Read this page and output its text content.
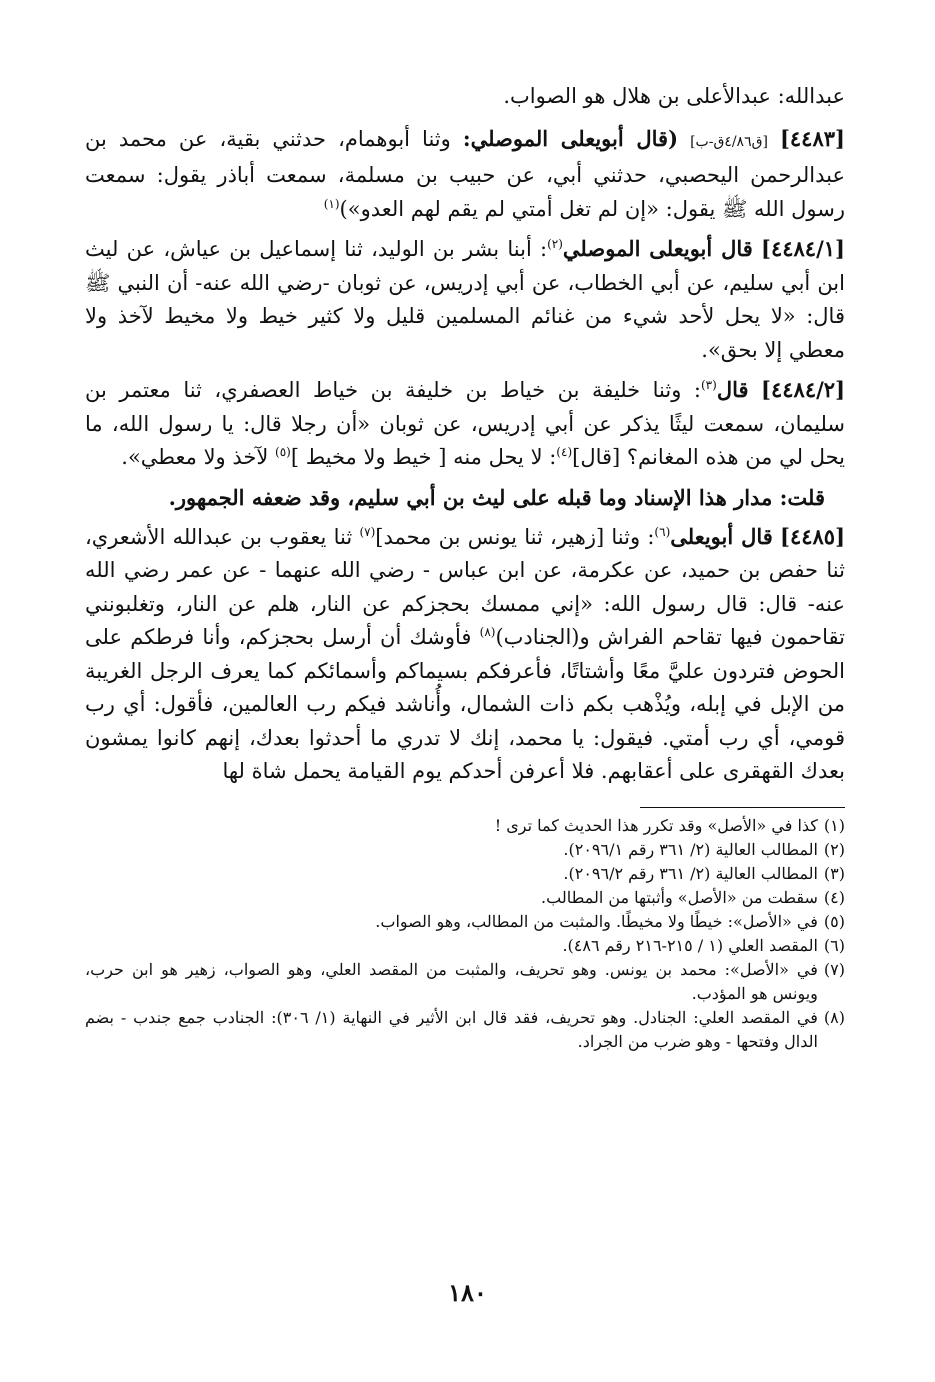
عبدالله: عبدالأعلى بن هلال هو الصواب.

[٤٤٨٣] [ق٤/٨٦ق-ب] (قال أبويعلى الموصلي: وثنا أبوهمام، حدثني بقية، عن محمد بن عبدالرحمن اليحصبي، حدثني أبي، عن حبيب بن مسلمة، سمعت أباذر يقول: سمعت رسول الله ﷺ يقول: «إن لم تغل أمتي لم يقم لهم العدو»)$^{(١)}$

[٤٤٨٤/١] قال أبويعلى الموصلي$^{(٢)}$: أبنا بشر بن الوليد، ثنا إسماعيل بن عياش، عن ليث ابن أبي سليم، عن أبي الخطاب، عن أبي إدريس، عن ثوبان -رضي الله عنه- أن النبي ﷺ قال: «لا يحل لأحد شيء من غنائم المسلمين قليل ولا كثير خيط ولا مخيط لآخذ ولا معطي إلا بحق».

[٤٤٨٤/٢] قال$^{(٣)}$: وثنا خليفة بن خياط بن خليفة بن خياط العصفري، ثنا معتمر بن سليمان، سمعت ليثًا يذكر عن أبي إدريس، عن ثوبان «أن رجلا قال: يا رسول الله، ما يحل لي من هذه المغانم؟ [قال]$^{(٤)}$: لا يحل منه [ خيط ولا مخيط ]$^{(٥)}$ لآخذ ولا معطي».

قلت: مدار هذا الإسناد وما قبله على ليث بن أبي سليم، وقد ضعفه الجمهور.

[٤٤٨٥] قال أبويعلى$^{(٦)}$: وثنا [زهير، ثنا يونس بن محمد]$^{(٧)}$ ثنا يعقوب بن عبدالله الأشعري، ثنا حفص بن حميد، عن عكرمة، عن ابن عباس - رضي الله عنهما - عن عمر رضي الله عنه- قال: قال رسول الله: «إني ممسك بحجزكم عن النار، هلم عن النار، وتغلبونني تقاحمون فيها تقاحم الفراش و(الجنادب)$^{(٨)}$ فأوشك أن أرسل بحجزكم، وأنا فرطكم على الحوض فتردون عليَّ معًا وأشتاتًا، فأعرفكم بسيماكم وأسمائكم كما يعرف الرجل الغريبة من الإبل في إبله، ويُذْهب بكم ذات الشمال، وأُناشد فيكم رب العالمين، فأقول: أي رب قومي، أي رب أمتي. فيقول: يا محمد، إنك لا تدري ما أحدثوا بعدك، إنهم كانوا يمشون بعدك القهقرى على أعقابهم. فلا أعرفن أحدكم يوم القيامة يحمل شاة لها

(١)
كذا في «الأصل» وقد تكرر هذا الحديث كما ترى !
(٢)
المطالب العالية (٢/ ٣٦١ رقم ٢٠٩٦/١).
(٣)
المطالب العالية (٢/ ٣٦١ رقم ٢٠٩٦/٢).
(٤)
سقطت من «الأصل» وأثبتها من المطالب.
(٥)
في «الأصل»: خيطًا ولا مخيطًا. والمثبت من المطالب، وهو الصواب.
(٦)
المقصد العلي (١ / ٢١٥-٢١٦ رقم ٤٨٦).
(٧)
في «الأصل»: محمد بن يونس. وهو تحريف، والمثبت من المقصد العلي، وهو الصواب، زهير هو ابن حرب، ويونس هو المؤدب.
(٨)
في المقصد العلي: الجنادل. وهو تحريف، فقد قال ابن الأثير في النهاية (١/ ٣٠٦): الجنادب جمع جندب - بضم الدال وفتحها - وهو ضرب من الجراد.
١٨٠
